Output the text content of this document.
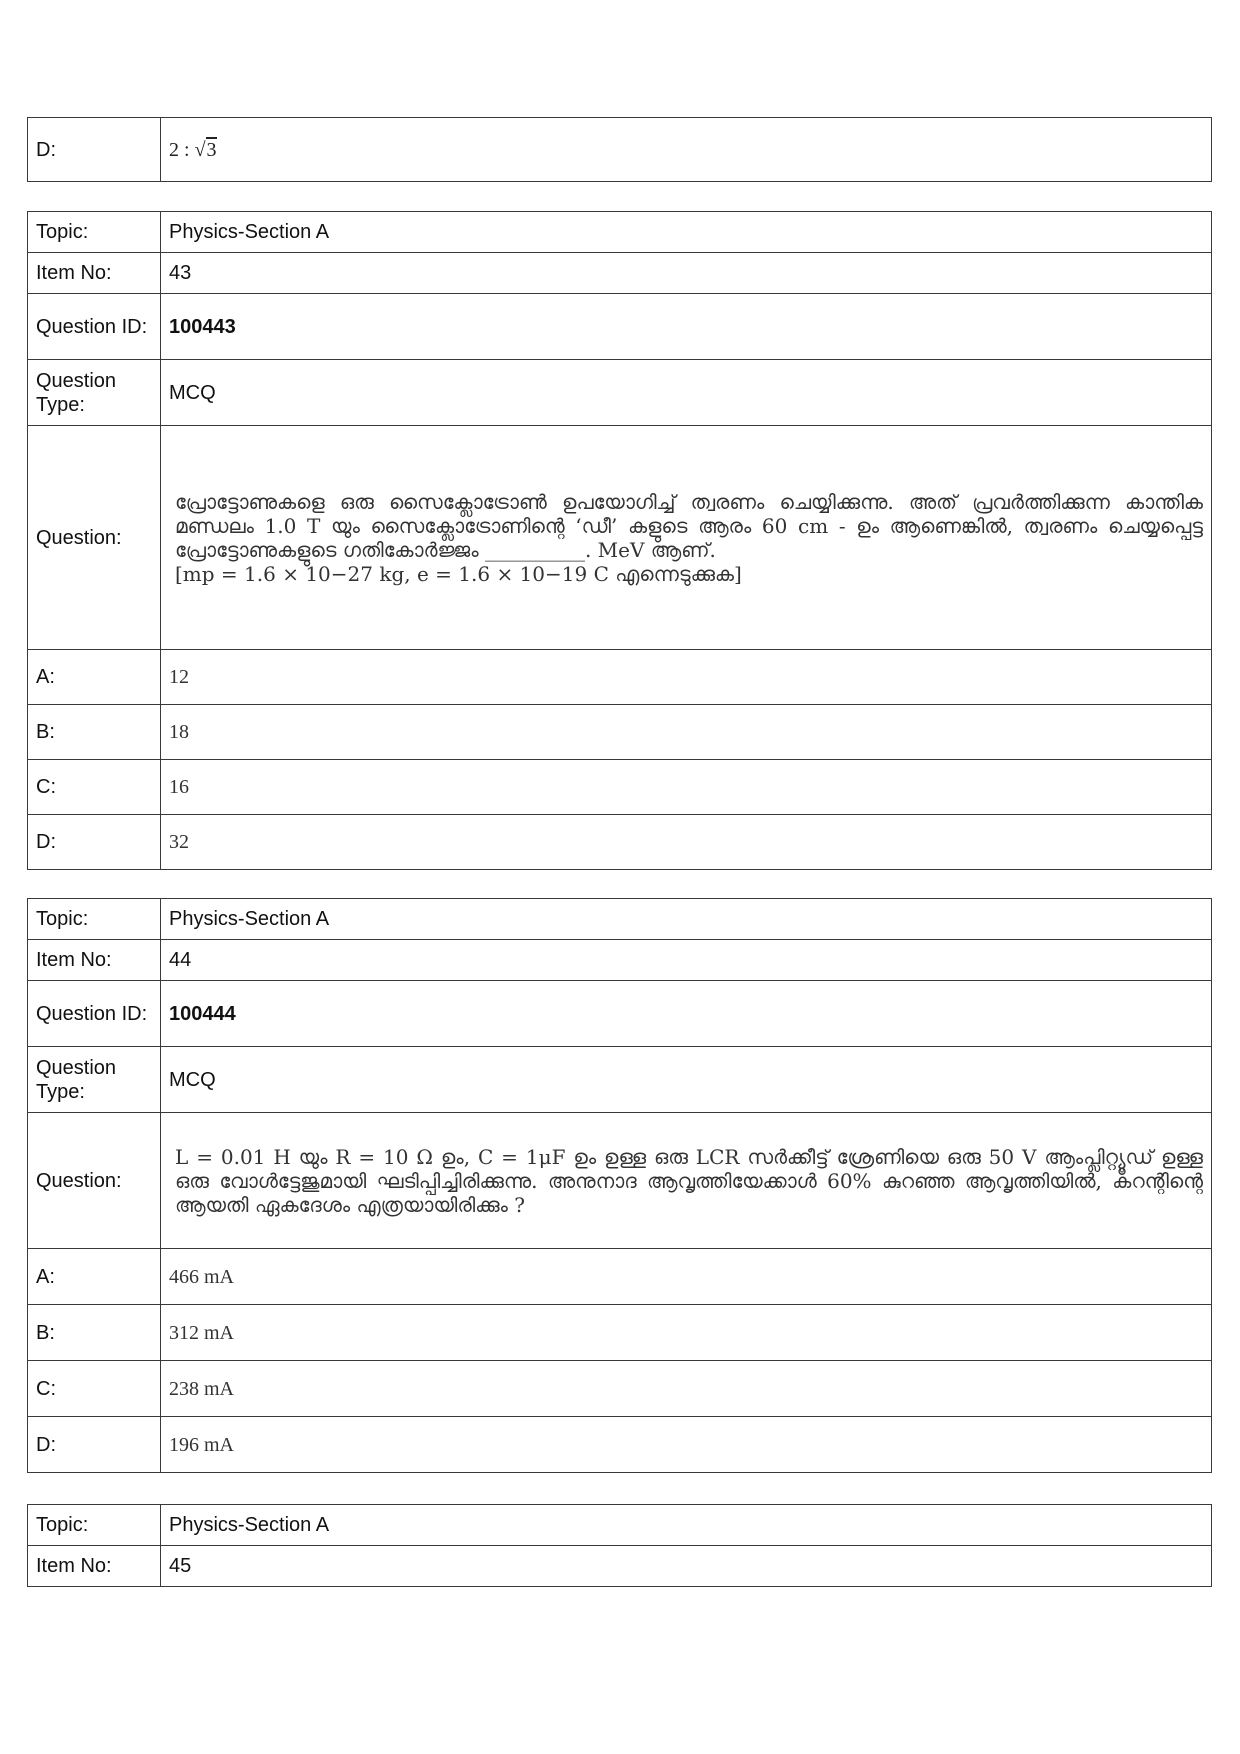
D:	2 : √3
Topic:	Physics-Section A
Item No:	43
Question ID:	100443
Question Type:	MCQ
Question:	പ്രോട്ടോണുകളെ ഒരു സൈക്ലോട്രോൺ ഉപയോഗിച്ച് ത്വരണം ചെയ്യിക്കുന്നു. അത് പ്രവർത്തിക്കുന്ന കാന്തിക മണ്ഡലം 1.0 T യും സൈക്ലോട്രോണിന്റെ ‘ഡീ’ കളുടെ ആരം 60 cm - ഉം ആണെങ്കിൽ, ത്വരണം ചെയ്യപ്പെട്ട പ്രോട്ടോണുകളുടെ ഗതികോർജ്ജം __________. MeV ആണ്.
[mp = 1.6 × 10−27 kg, e = 1.6 × 10−19 C എന്നെടുക്കുക]

A:	12
B:	18
C:	16
D:	32
Topic:	Physics-Section A
Item No:	44
Question ID:	100444
Question Type:	MCQ
Question:	L = 0.01 H യും R = 10 Ω ഉം, C = 1μF ഉം ഉള്ള ഒരു LCR സർക്കീട്ട് ശ്രേണിയെ ഒരു 50 V ആംപ്ലിറ്റ്യൂഡ് ഉള്ള ഒരു വോൾട്ടേജുമായി ഘടിപ്പിച്ചിരിക്കുന്നു. അനുനാദ ആവൃത്തിയേക്കാൾ 60% കുറഞ്ഞ ആവൃത്തിയിൽ, കറന്റിന്റെ ആയതി ഏകദേശം എത്രയായിരിക്കും ?
A:	466 mA
B:	312 mA
C:	238 mA
D:	196 mA
Topic:	Physics-Section A
Item No:	45
